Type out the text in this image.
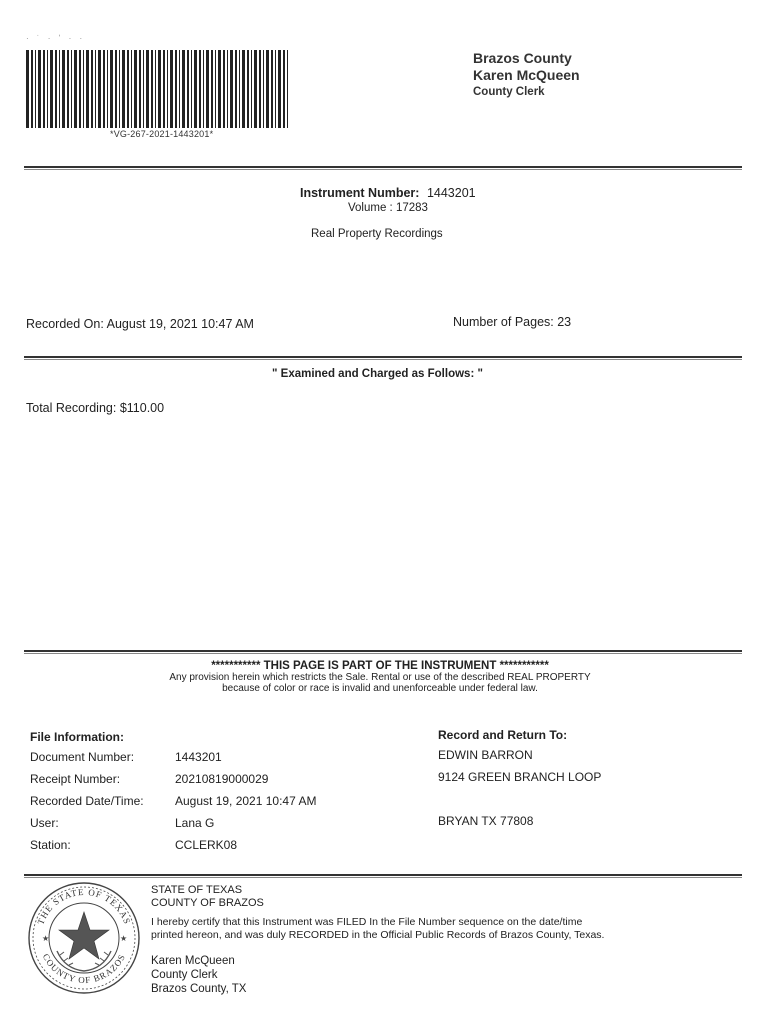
· ˙ · ʼ · ·
*VG-267-2021-1443201*
Brazos County
Karen McQueen
County Clerk
Instrument Number: 1443201
Volume : 17283
Real Property Recordings
Recorded On: August 19, 2021 10:47 AM	Number of Pages: 23
" Examined and Charged as Follows: "
Total Recording: $110.00
*********** THIS PAGE IS PART OF THE INSTRUMENT ***********
Any provision herein which restricts the Sale. Rental or use of the described REAL PROPERTY
because of color or race is invalid and unenforceable under federal law.
File Information:
Document Number:	1443201
Receipt Number:	20210819000029
Recorded Date/Time:	August 19, 2021 10:47 AM
User:	Lana G
Station:	CCLERK08
Record and Return To:
EDWIN BARRON
9124 GREEN BRANCH LOOP
BRYAN TX 77808
THE STATE OF TEXAS
COUNTY OF BRAZOS
★	★
STATE OF TEXAS
COUNTY OF BRAZOS
I hereby certify that this Instrument was FILED In the File Number sequence on the date/time
printed hereon, and was duly RECORDED in the Official Public Records of Brazos County, Texas.
Karen McQueen
County Clerk
Brazos County, TX
